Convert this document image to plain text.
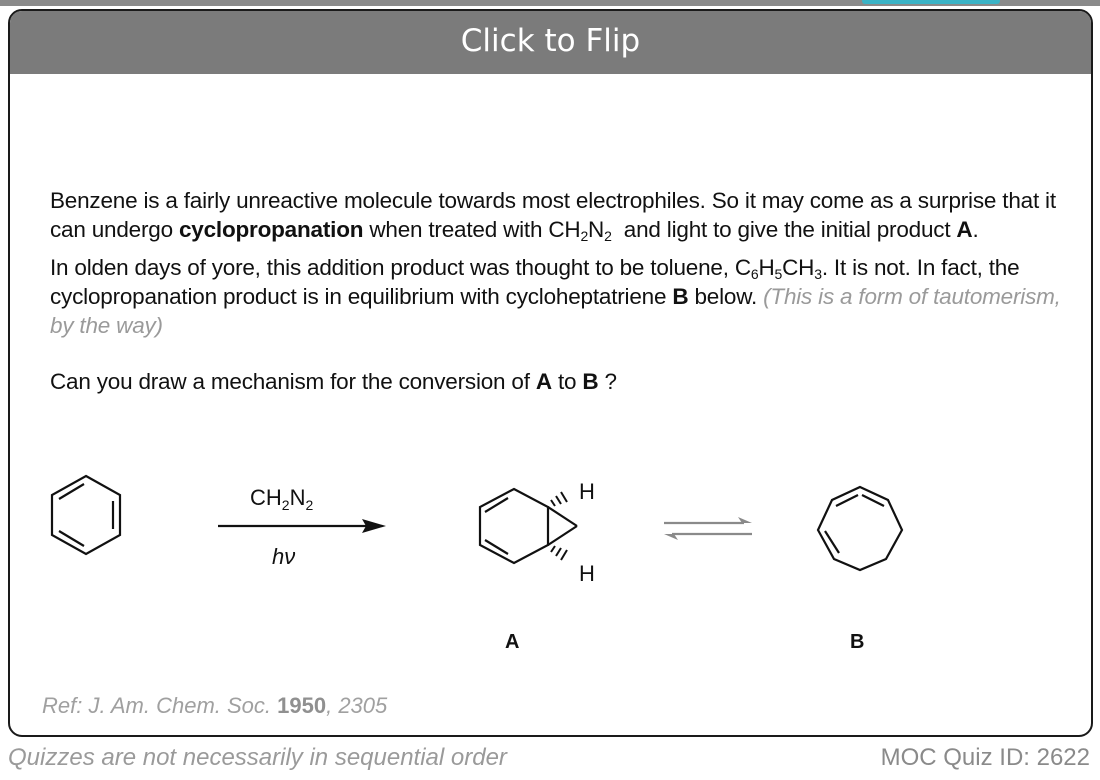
Click to Flip

Benzene is a fairly unreactive molecule towards most electrophiles. So it may come as a surprise that it can undergo cyclopropanation when treated with $CH_2N_2$  and light to give the initial product A.

In olden days of yore, this addition product was thought to be toluene, $C_6H_5CH_3$. It is not. In fact, the cyclopropanation product is in equilibrium with cycloheptatriene B below. (This is a form of tautomerism, by the way)

Can you draw a mechanism for the conversion of A to B ?

$CH_2N_2$
hν
H
H
A	B
Ref: J. Am. Chem. Soc. 1950, 2305
Quizzes are not necessarily in sequential order	MOC Quiz ID: 2622
